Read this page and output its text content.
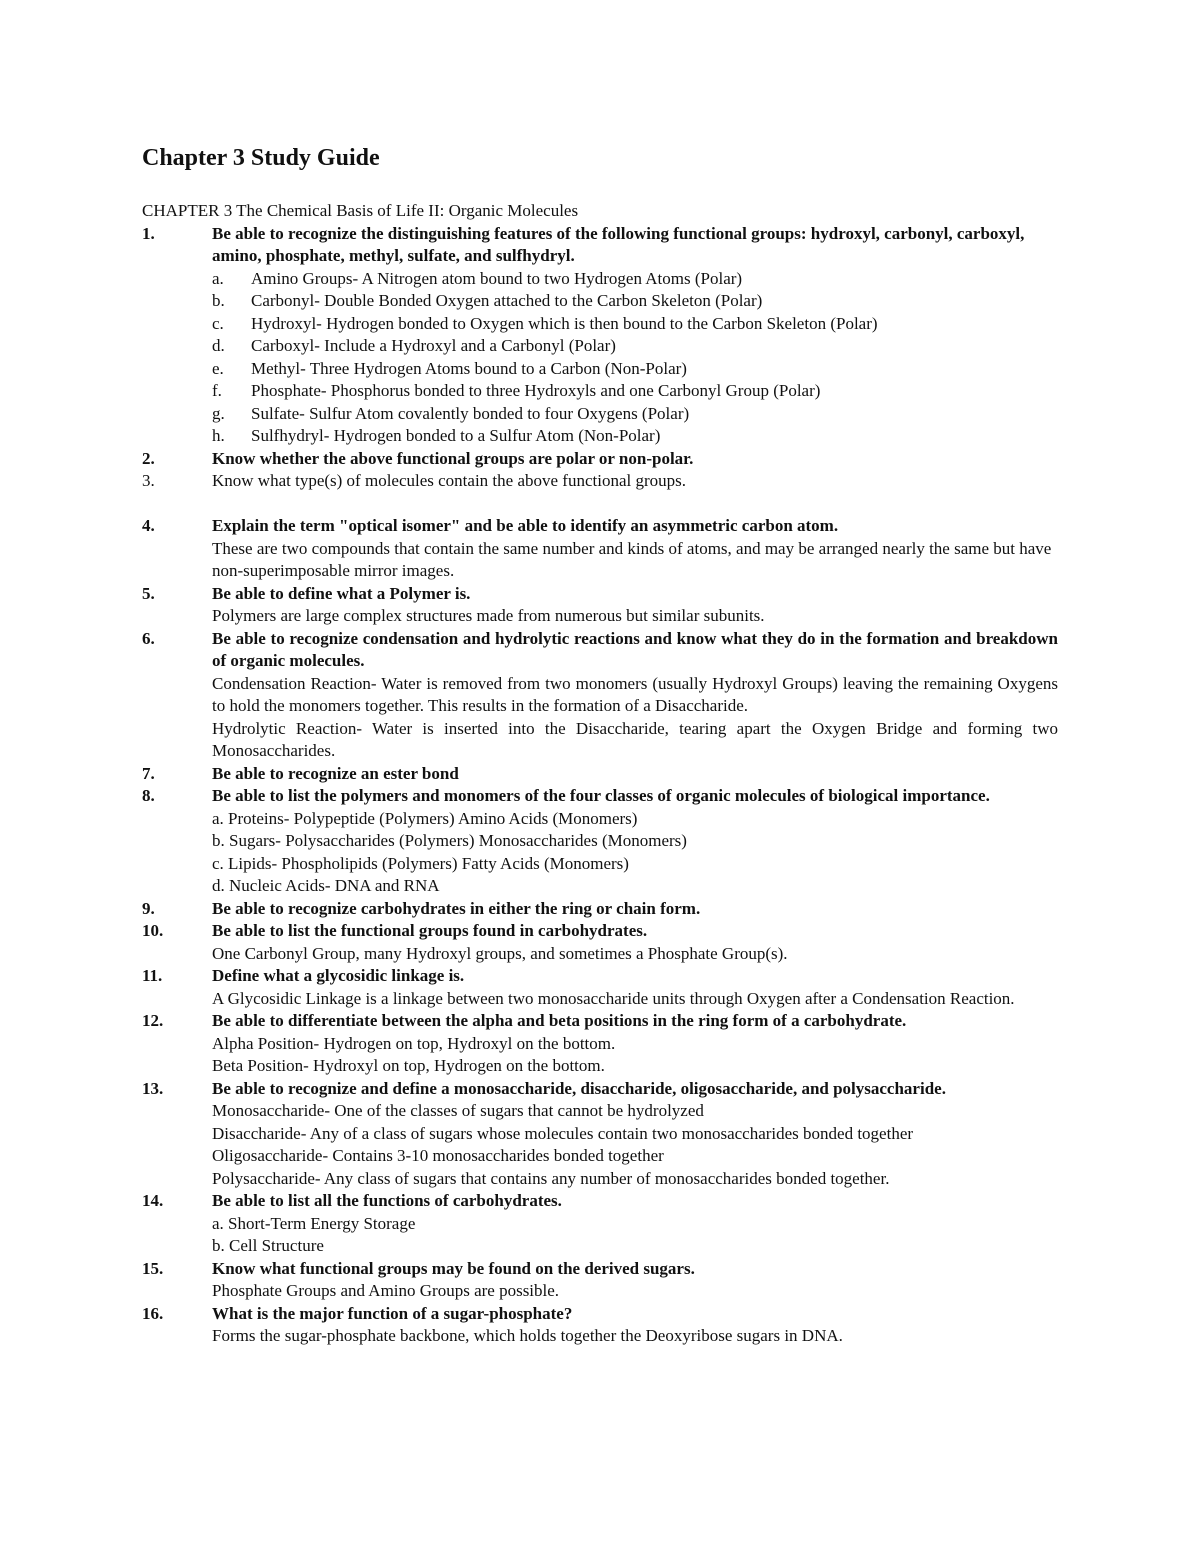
Chapter 3 Study Guide
CHAPTER 3 The Chemical Basis of Life II: Organic Molecules
1.	Be able to recognize the distinguishing features of the following functional groups: hydroxyl, carbonyl, carboxyl, amino, phosphate, methyl, sulfate, and sulfhydryl.
a.	Amino Groups- A Nitrogen atom bound to two Hydrogen Atoms (Polar)
b.	Carbonyl- Double Bonded Oxygen attached to the Carbon Skeleton (Polar)
c.	Hydroxyl- Hydrogen bonded to Oxygen which is then bound to the Carbon Skeleton (Polar)
d.	Carboxyl- Include a Hydroxyl and a Carbonyl (Polar)
e.	Methyl- Three Hydrogen Atoms bound to a Carbon (Non-Polar)
f.	Phosphate- Phosphorus bonded to three Hydroxyls and one Carbonyl Group (Polar)
g.	Sulfate- Sulfur Atom covalently bonded to four Oxygens (Polar)
h.	Sulfhydryl- Hydrogen bonded to a Sulfur Atom (Non-Polar)
2.	Know whether the above functional groups are polar or non-polar.
3.	Know what type(s) of molecules contain the above functional groups.
4.	Explain the term "optical isomer" and be able to identify an asymmetric carbon atom.
These are two compounds that contain the same number and kinds of atoms, and may be arranged nearly the same but have non-superimposable mirror images.
5.	Be able to define what a Polymer is.
Polymers are large complex structures made from numerous but similar subunits.
6.	Be able to recognize condensation and hydrolytic reactions and know what they do in the formation and breakdown of organic molecules.
Condensation Reaction- Water is removed from two monomers (usually Hydroxyl Groups) leaving the remaining Oxygens to hold the monomers together. This results in the formation of a Disaccharide.
Hydrolytic Reaction- Water is inserted into the Disaccharide, tearing apart the Oxygen Bridge and forming two Monosaccharides.
7.	Be able to recognize an ester bond
8.	Be able to list the polymers and monomers of the four classes of organic molecules of biological importance.
a. Proteins- Polypeptide (Polymers) Amino Acids (Monomers)
b. Sugars- Polysaccharides (Polymers) Monosaccharides (Monomers)
c. Lipids- Phospholipids (Polymers) Fatty Acids (Monomers)
d. Nucleic Acids- DNA and RNA
9.	Be able to recognize carbohydrates in either the ring or chain form.
10.	Be able to list the functional groups found in carbohydrates.
One Carbonyl Group, many Hydroxyl groups, and sometimes a Phosphate Group(s).
11.	Define what a glycosidic linkage is.
A Glycosidic Linkage is a linkage between two monosaccharide units through Oxygen after a Condensation Reaction.
12.	Be able to differentiate between the alpha and beta positions in the ring form of a carbohydrate.
Alpha Position- Hydrogen on top, Hydroxyl on the bottom.
Beta Position- Hydroxyl on top, Hydrogen on the bottom.
13.	Be able to recognize and define a monosaccharide, disaccharide, oligosaccharide, and polysaccharide.
Monosaccharide- One of the classes of sugars that cannot be hydrolyzed
Disaccharide- Any of a class of sugars whose molecules contain two monosaccharides bonded together
Oligosaccharide- Contains 3-10 monosaccharides bonded together
Polysaccharide- Any class of sugars that contains any number of monosaccharides bonded together.
14.	Be able to list all the functions of carbohydrates.
a. Short-Term Energy Storage
b. Cell Structure
15.	Know what functional groups may be found on the derived sugars.
Phosphate Groups and Amino Groups are possible.
16.	What is the major function of a sugar-phosphate?
Forms the sugar-phosphate backbone, which holds together the Deoxyribose sugars in DNA.
